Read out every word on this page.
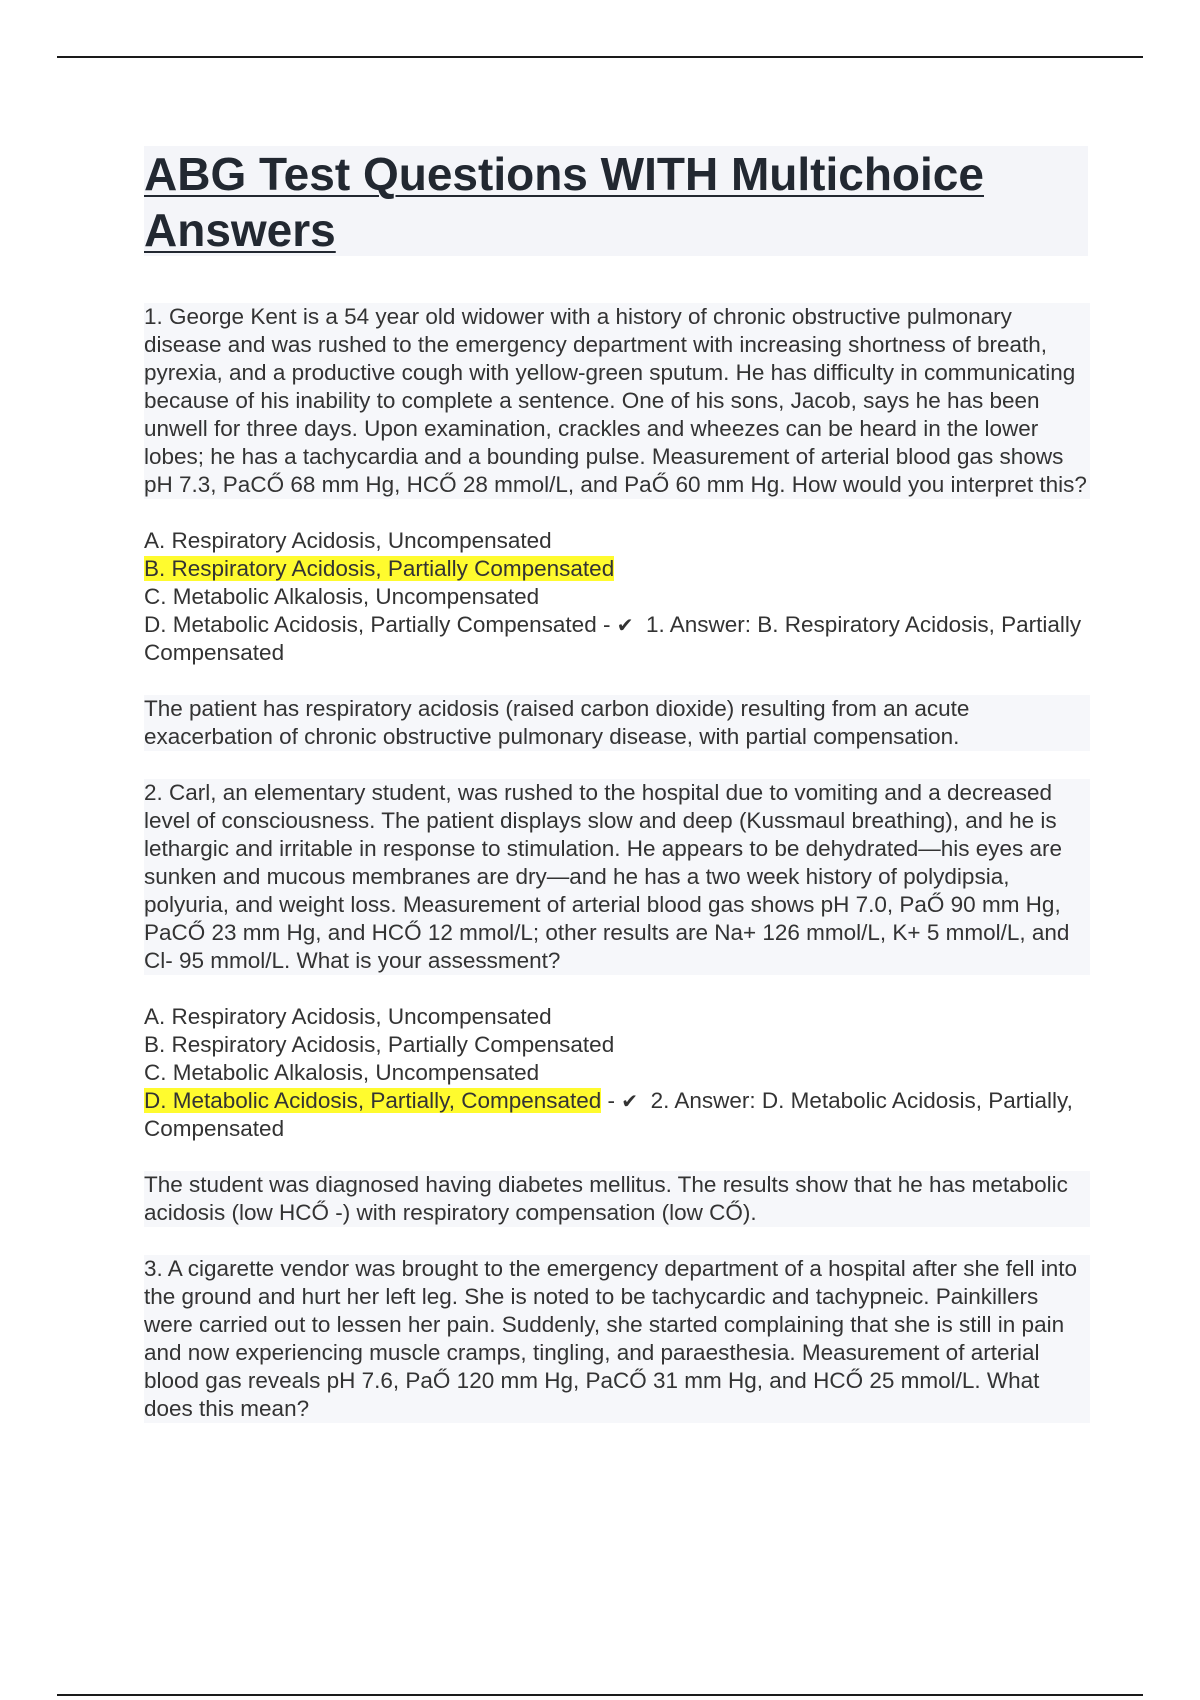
ABG Test Questions WITH Multichoice Answers

1. George Kent is a 54 year old widower with a history of chronic obstructive pulmonary disease and was rushed to the emergency department with increasing shortness of breath, pyrexia, and a productive cough with yellow-green sputum. He has difficulty in communicating because of his inability to complete a sentence. One of his sons, Jacob, says he has been unwell for three days. Upon examination, crackles and wheezes can be heard in the lower lobes; he has a tachycardia and a bounding pulse. Measurement of arterial blood gas shows pH 7.3, PaCŐ 68 mm Hg, HCŐ 28 mmol/L, and PaŐ 60 mm Hg. How would you interpret this?

A. Respiratory Acidosis, Uncompensated

B. Respiratory Acidosis, Partially Compensated

C. Metabolic Alkalosis, Uncompensated

D. Metabolic Acidosis, Partially Compensated - ✔ 1. Answer: B. Respiratory Acidosis, Partially Compensated

The patient has respiratory acidosis (raised carbon dioxide) resulting from an acute exacerbation of chronic obstructive pulmonary disease, with partial compensation.

2. Carl, an elementary student, was rushed to the hospital due to vomiting and a decreased level of consciousness. The patient displays slow and deep (Kussmaul breathing), and he is lethargic and irritable in response to stimulation. He appears to be dehydrated—his eyes are sunken and mucous membranes are dry—and he has a two week history of polydipsia, polyuria, and weight loss. Measurement of arterial blood gas shows pH 7.0, PaŐ 90 mm Hg, PaCŐ 23 mm Hg, and HCŐ 12 mmol/L; other results are Na+ 126 mmol/L, K+ 5 mmol/L, and Cl- 95 mmol/L. What is your assessment?

A. Respiratory Acidosis, Uncompensated

B. Respiratory Acidosis, Partially Compensated

C. Metabolic Alkalosis, Uncompensated

D. Metabolic Acidosis, Partially, Compensated - ✔ 2. Answer: D. Metabolic Acidosis, Partially, Compensated

The student was diagnosed having diabetes mellitus. The results show that he has metabolic acidosis (low HCŐ -) with respiratory compensation (low CŐ).

3. A cigarette vendor was brought to the emergency department of a hospital after she fell into the ground and hurt her left leg. She is noted to be tachycardic and tachypneic. Painkillers were carried out to lessen her pain. Suddenly, she started complaining that she is still in pain and now experiencing muscle cramps, tingling, and paraesthesia. Measurement of arterial blood gas reveals pH 7.6, PaŐ 120 mm Hg, PaCŐ 31 mm Hg, and HCŐ 25 mmol/L. What does this mean?
